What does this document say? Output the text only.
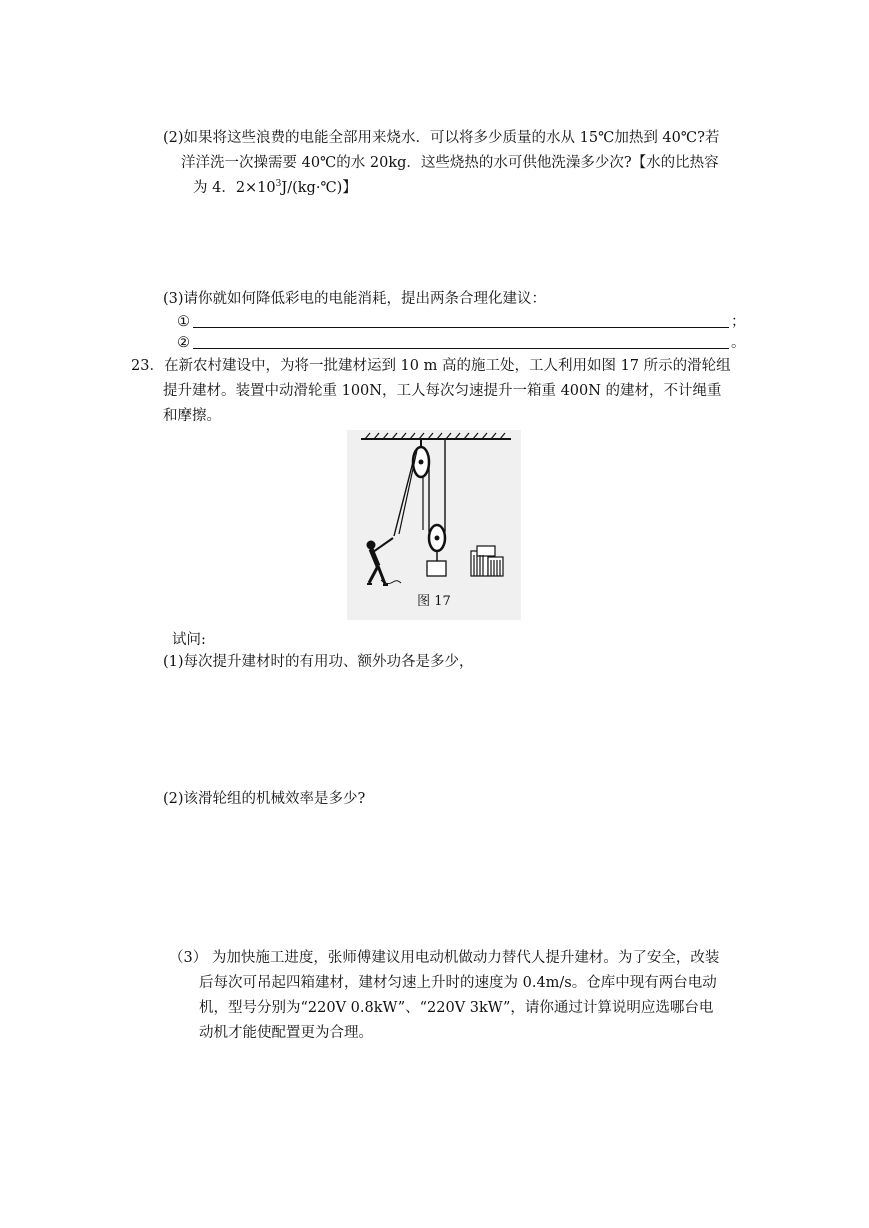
(2)如果将这些浪费的电能全部用来烧水．可以将多少质量的水从 15℃加热到 40℃?若
洋洋洗一次操需要 40℃的水 20kg．这些烧热的水可供他洗澡多少次?【水的比热容
为 4．$2\times 10^3J/(kg\cdot℃)$】
(3)请你就如何降低彩电的电能消耗，提出两条合理化建议：
①	；
②	。
23．在新农村建设中，为将一批建材运到 10 m 高的施工处，工人利用如图 17 所示的滑轮组
提升建材。装置中动滑轮重 100N，工人每次匀速提升一箱重 400N 的建材，不计绳重
和摩擦。
图 17
试问:
(1)每次提升建材时的有用功、额外功各是多少，
(2)该滑轮组的机械效率是多少?
（3） 为加快施工进度，张师傅建议用电动机做动力替代人提升建材。为了安全，改装
后每次可吊起四箱建材，建材匀速上升时的速度为 0.4m/s。仓库中现有两台电动
机，型号分别为“220V 0.8kW”、“220V 3kW”，请你通过计算说明应选哪台电
动机才能使配置更为合理。
